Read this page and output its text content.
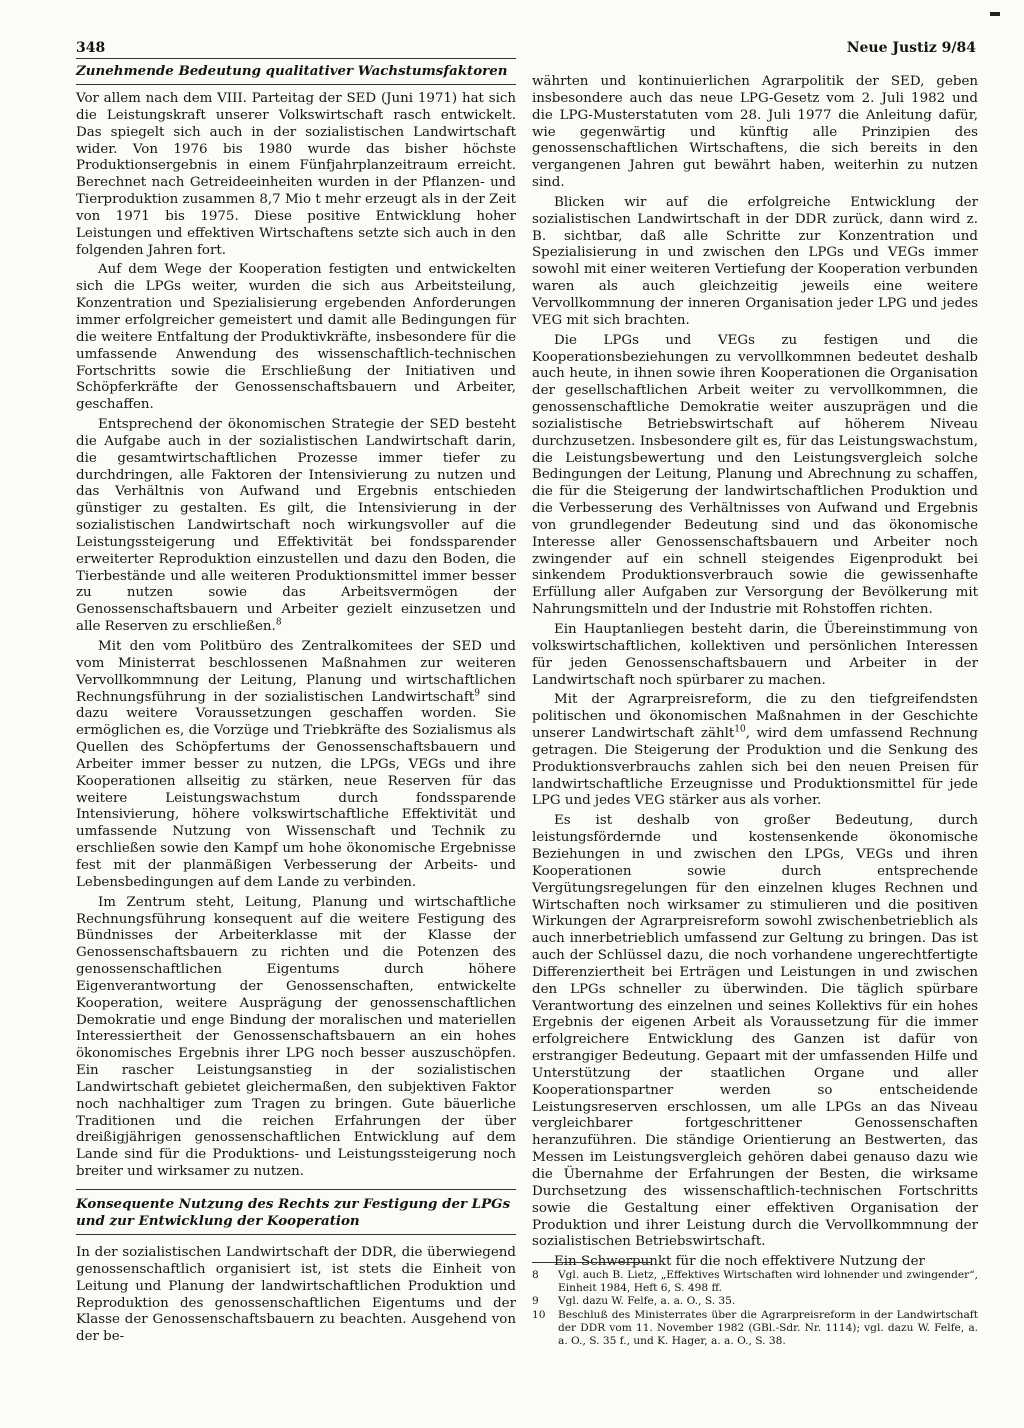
348	Neue Justiz 9/84
Zunehmende Bedeutung qualitativer Wachstumsfaktoren

Vor allem nach dem VIII. Parteitag der SED (Juni 1971) hat sich die Leistungskraft unserer Volkswirtschaft rasch entwickelt. Das spiegelt sich auch in der sozialistischen Landwirtschaft wider. Von 1976 bis 1980 wurde das bisher höchste Produktionsergebnis in einem Fünfjahrplanzeitraum erreicht. Berechnet nach Getreideeinheiten wurden in der Pflanzen- und Tierproduktion zusammen 8,7 Mio t mehr erzeugt als in der Zeit von 1971 bis 1975. Diese positive Entwicklung hoher Leistungen und effektiven Wirtschaftens setzte sich auch in den folgenden Jahren fort.

Auf dem Wege der Kooperation festigten und entwickelten sich die LPGs weiter, wurden die sich aus Arbeitsteilung, Konzentration und Spezialisierung ergebenden Anforderungen immer erfolgreicher gemeistert und damit alle Bedingungen für die weitere Entfaltung der Produktivkräfte, insbesondere für die umfassende Anwendung des wissenschaftlich-technischen Fortschritts sowie die Erschließung der Initiativen und Schöpferkräfte der Genossenschaftsbauern und Arbeiter, geschaffen.

Entsprechend der ökonomischen Strategie der SED besteht die Aufgabe auch in der sozialistischen Landwirtschaft darin, die gesamtwirtschaftlichen Prozesse immer tiefer zu durchdringen, alle Faktoren der Intensivierung zu nutzen und das Verhältnis von Aufwand und Ergebnis entschieden günstiger zu gestalten. Es gilt, die Intensivierung in der sozialistischen Landwirtschaft noch wirkungsvoller auf die Leistungssteigerung und Effektivität bei fondssparender erweiterter Reproduktion einzustellen und dazu den Boden, die Tierbestände und alle weiteren Produktionsmittel immer besser zu nutzen sowie das Arbeitsvermögen der Genossenschaftsbauern und Arbeiter gezielt einzusetzen und alle Reserven zu erschließen.$^8$

Mit den vom Politbüro des Zentralkomitees der SED und vom Ministerrat beschlossenen Maßnahmen zur weiteren Vervollkommnung der Leitung, Planung und wirtschaftlichen Rechnungsführung in der sozialistischen Landwirtschaft$^9$ sind dazu weitere Voraussetzungen geschaffen worden. Sie ermöglichen es, die Vorzüge und Triebkräfte des Sozialismus als Quellen des Schöpfertums der Genossenschaftsbauern und Arbeiter immer besser zu nutzen, die LPGs, VEGs und ihre Kooperationen allseitig zu stärken, neue Reserven für das weitere Leistungswachstum durch fondssparende Intensivierung, höhere volkswirtschaftliche Effektivität und umfassende Nutzung von Wissenschaft und Technik zu erschließen sowie den Kampf um hohe ökonomische Ergebnisse fest mit der planmäßigen Verbesserung der Arbeits- und Lebensbedingungen auf dem Lande zu verbinden.

Im Zentrum steht, Leitung, Planung und wirtschaftliche Rechnungsführung konsequent auf die weitere Festigung des Bündnisses der Arbeiterklasse mit der Klasse der Genossenschaftsbauern zu richten und die Potenzen des genossenschaftlichen Eigentums durch höhere Eigenverantwortung der Genossenschaften, entwickelte Kooperation, weitere Ausprägung der genossenschaftlichen Demokratie und enge Bindung der moralischen und materiellen Interessiertheit der Genossenschaftsbauern an ein hohes ökonomisches Ergebnis ihrer LPG noch besser auszuschöpfen. Ein rascher Leistungsanstieg in der sozialistischen Landwirtschaft gebietet gleichermaßen, den subjektiven Faktor noch nachhaltiger zum Tragen zu bringen. Gute bäuerliche Traditionen und die reichen Erfahrungen der über dreißigjährigen genossenschaftlichen Entwicklung auf dem Lande sind für die Produktions- und Leistungssteigerung noch breiter und wirksamer zu nutzen.

Konsequente Nutzung des Rechts zur Festigung der LPGs und zur Entwicklung der Kooperation

In der sozialistischen Landwirtschaft der DDR, die überwiegend genossenschaftlich organisiert ist, ist stets die Einheit von Leitung und Planung der landwirtschaftlichen Produktion und Reproduktion des genossenschaftlichen Eigentums und der Klasse der Genossenschaftsbauern zu beachten. Ausgehend von der be-

währten und kontinuierlichen Agrarpolitik der SED, geben insbesondere auch das neue LPG-Gesetz vom 2. Juli 1982 und die LPG-Musterstatuten vom 28. Juli 1977 die Anleitung dafür, wie gegenwärtig und künftig alle Prinzipien des genossenschaftlichen Wirtschaftens, die sich bereits in den vergangenen Jahren gut bewährt haben, weiterhin zu nutzen sind.

Blicken wir auf die erfolgreiche Entwicklung der sozialistischen Landwirtschaft in der DDR zurück, dann wird z. B. sichtbar, daß alle Schritte zur Konzentration und Spezialisierung in und zwischen den LPGs und VEGs immer sowohl mit einer weiteren Vertiefung der Kooperation verbunden waren als auch gleichzeitig jeweils eine weitere Vervollkommnung der inneren Organisation jeder LPG und jedes VEG mit sich brachten.

Die LPGs und VEGs zu festigen und die Kooperationsbeziehungen zu vervollkommnen bedeutet deshalb auch heute, in ihnen sowie ihren Kooperationen die Organisation der gesellschaftlichen Arbeit weiter zu vervollkommnen, die genossenschaftliche Demokratie weiter auszuprägen und die sozialistische Betriebswirtschaft auf höherem Niveau durchzusetzen. Insbesondere gilt es, für das Leistungswachstum, die Leistungsbewertung und den Leistungsvergleich solche Bedingungen der Leitung, Planung und Abrechnung zu schaffen, die für die Steigerung der landwirtschaftlichen Produktion und die Verbesserung des Verhältnisses von Aufwand und Ergebnis von grundlegender Bedeutung sind und das ökonomische Interesse aller Genossenschaftsbauern und Arbeiter noch zwingender auf ein schnell steigendes Eigenprodukt bei sinkendem Produktionsverbrauch sowie die gewissenhafte Erfüllung aller Aufgaben zur Versorgung der Bevölkerung mit Nahrungsmitteln und der Industrie mit Rohstoffen richten.

Ein Hauptanliegen besteht darin, die Übereinstimmung von volkswirtschaftlichen, kollektiven und persönlichen Interessen für jeden Genossenschaftsbauern und Arbeiter in der Landwirtschaft noch spürbarer zu machen.

Mit der Agrarpreisreform, die zu den tiefgreifendsten politischen und ökonomischen Maßnahmen in der Geschichte unserer Landwirtschaft zählt$^{10}$, wird dem umfassend Rechnung getragen. Die Steigerung der Produktion und die Senkung des Produktionsverbrauchs zahlen sich bei den neuen Preisen für landwirtschaftliche Erzeugnisse und Produktionsmittel für jede LPG und jedes VEG stärker aus als vorher.

Es ist deshalb von großer Bedeutung, durch leistungsfördernde und kostensenkende ökonomische Beziehungen in und zwischen den LPGs, VEGs und ihren Kooperationen sowie durch entsprechende Vergütungsregelungen für den einzelnen kluges Rechnen und Wirtschaften noch wirksamer zu stimulieren und die positiven Wirkungen der Agrarpreisreform sowohl zwischenbetrieblich als auch innerbetrieblich umfassend zur Geltung zu bringen. Das ist auch der Schlüssel dazu, die noch vorhandene ungerechtfertigte Differenziertheit bei Erträgen und Leistungen in und zwischen den LPGs schneller zu überwinden. Die täglich spürbare Verantwortung des einzelnen und seines Kollektivs für ein hohes Ergebnis der eigenen Arbeit als Voraussetzung für die immer erfolgreichere Entwicklung des Ganzen ist dafür von erstrangiger Bedeutung. Gepaart mit der umfassenden Hilfe und Unterstützung der staatlichen Organe und aller Kooperationspartner werden so entscheidende Leistungsreserven erschlossen, um alle LPGs an das Niveau vergleichbarer fortgeschrittener Genossenschaften heranzuführen. Die ständige Orientierung an Bestwerten, das Messen im Leistungsvergleich gehören dabei genauso dazu wie die Übernahme der Erfahrungen der Besten, die wirksame Durchsetzung des wissenschaftlich-technischen Fortschritts sowie die Gestaltung einer effektiven Organisation der Produktion und ihrer Leistung durch die Vervollkommnung der sozialistischen Betriebswirtschaft.

Ein Schwerpunkt für die noch effektivere Nutzung der

8	Vgl. auch B. Lietz, „Effektives Wirtschaften wird lohnender und zwingender“, Einheit 1984, Heft 6, S. 498 ff.
9	Vgl. dazu W. Felfe, a. a. O., S. 35.
10	Beschluß des Ministerrates über die Agrarpreisreform in der Landwirtschaft der DDR vom 11. November 1982 (GBl.-Sdr. Nr. 1114); vgl. dazu W. Felfe, a. a. O., S. 35 f., und K. Hager, a. a. O., S. 38.
